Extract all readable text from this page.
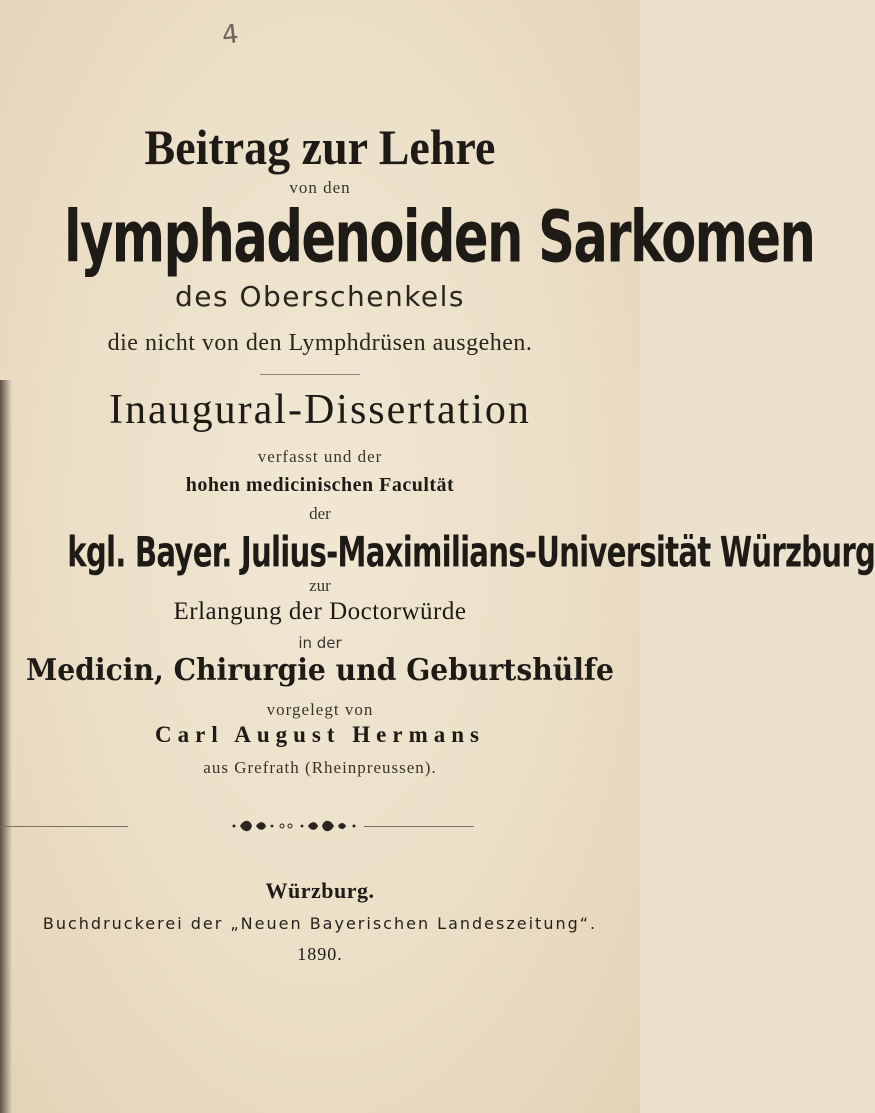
4
Beitrag zur Lehre
von den
lymphadenoiden Sarkomen
des Oberschenkels
die nicht von den Lymphdrüsen ausgehen.
Inaugural-Dissertation
verfasst und der
hohen medicinischen Facultät
der
kgl. Bayer. Julius-Maximilians-Universität Würzburg
zur
Erlangung der Doctorwürde
in der
Medicin, Chirurgie und Geburtshülfe
vorgelegt von
Carl August Hermans
aus Grefrath (Rheinpreussen).
Würzburg.
Buchdruckerei der „Neuen Bayerischen Landeszeitung“.
1890.
